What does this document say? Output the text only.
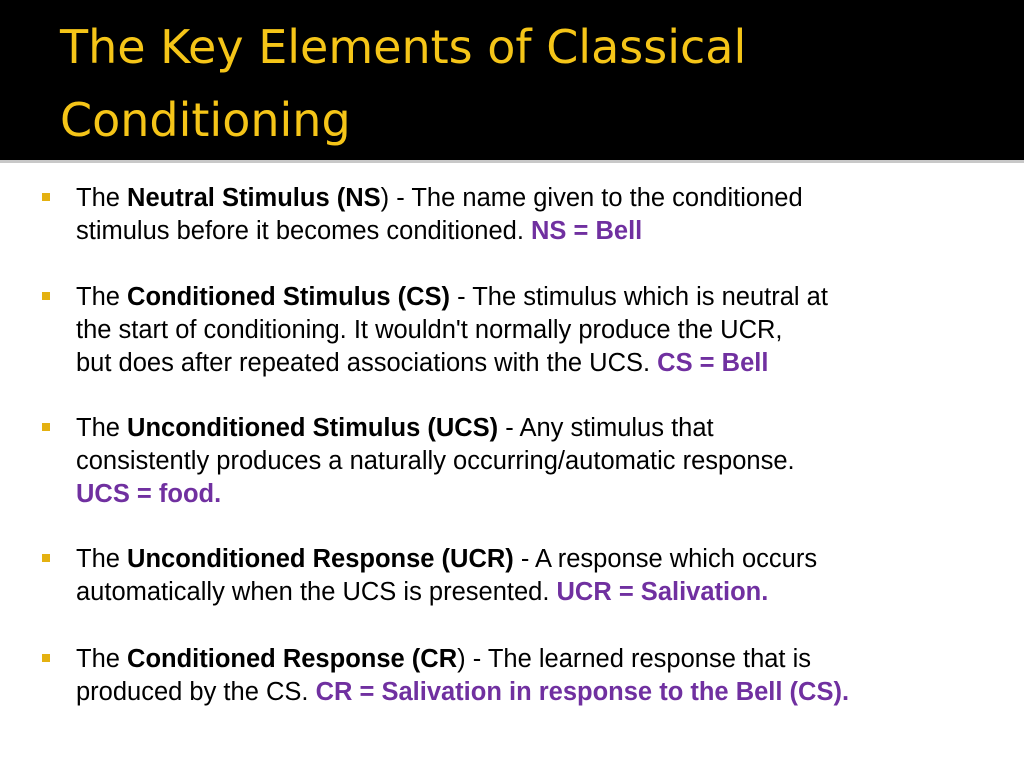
The Key Elements of Classical
Conditioning
The Neutral Stimulus (NS) - The name given to the conditioned
stimulus before it becomes conditioned. NS = Bell
The Conditioned Stimulus (CS) - The stimulus which is neutral at
the start of conditioning. It wouldn't normally produce the UCR,
but does after repeated associations with the UCS. CS = Bell
The Unconditioned Stimulus (UCS) - Any stimulus that
consistently produces a naturally occurring/automatic response.
UCS = food.
The Unconditioned Response (UCR) - A response which occurs
automatically when the UCS is presented. UCR = Salivation.
The Conditioned Response (CR) - The learned response that is
produced by the CS. CR = Salivation in response to the Bell (CS).
